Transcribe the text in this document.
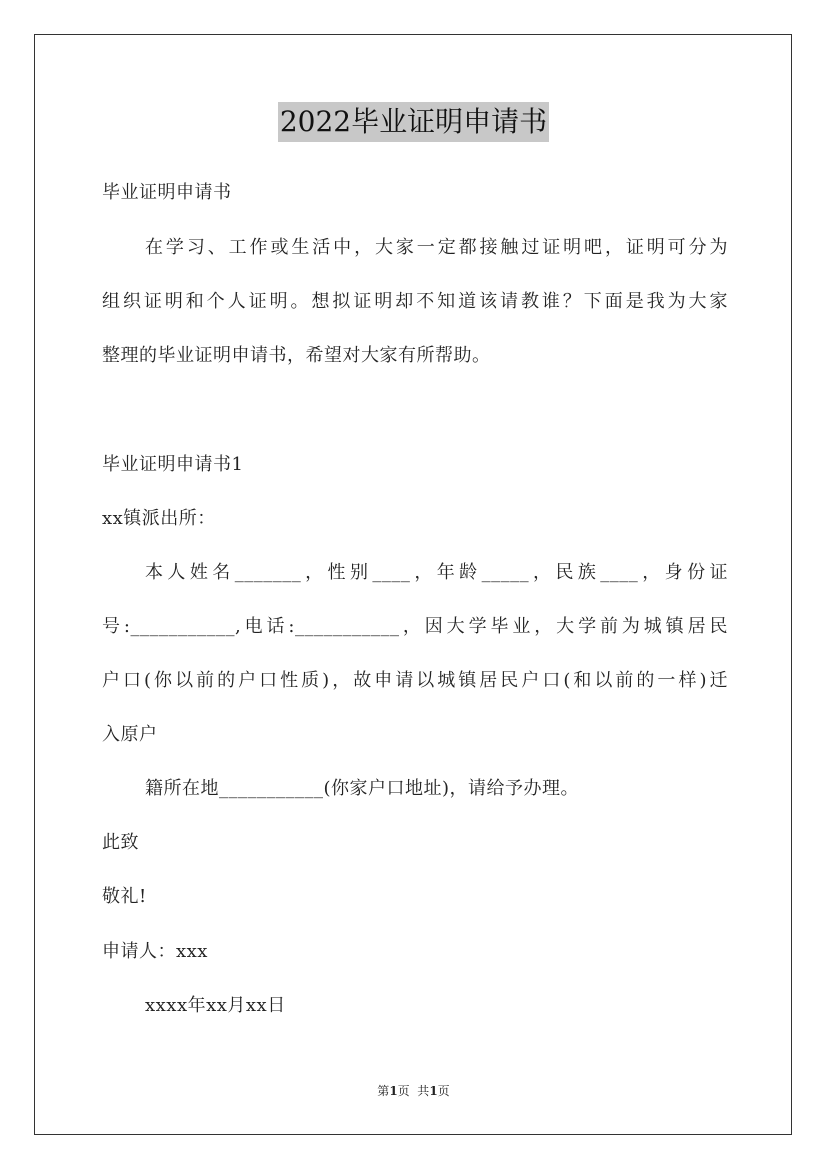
2022毕业证明申请书
毕业证明申请书
在学习、工作或生活中，大家一定都接触过证明吧，证明可分为
组织证明和个人证明。想拟证明却不知道该请教谁？下面是我为大家
整理的毕业证明申请书，希望对大家有所帮助。
毕业证明申请书1
xx镇派出所：
本人姓名_______，性别____，年龄_____，民族____，身份证
号:___________,电话:___________，因大学毕业，大学前为城镇居民
户口(你以前的户口性质)，故申请以城镇居民户口(和以前的一样)迁
入原户
籍所在地___________(你家户口地址)，请给予办理。
此致
敬礼!
申请人：xxx
xxxx年xx月xx日
第1页  共1页
